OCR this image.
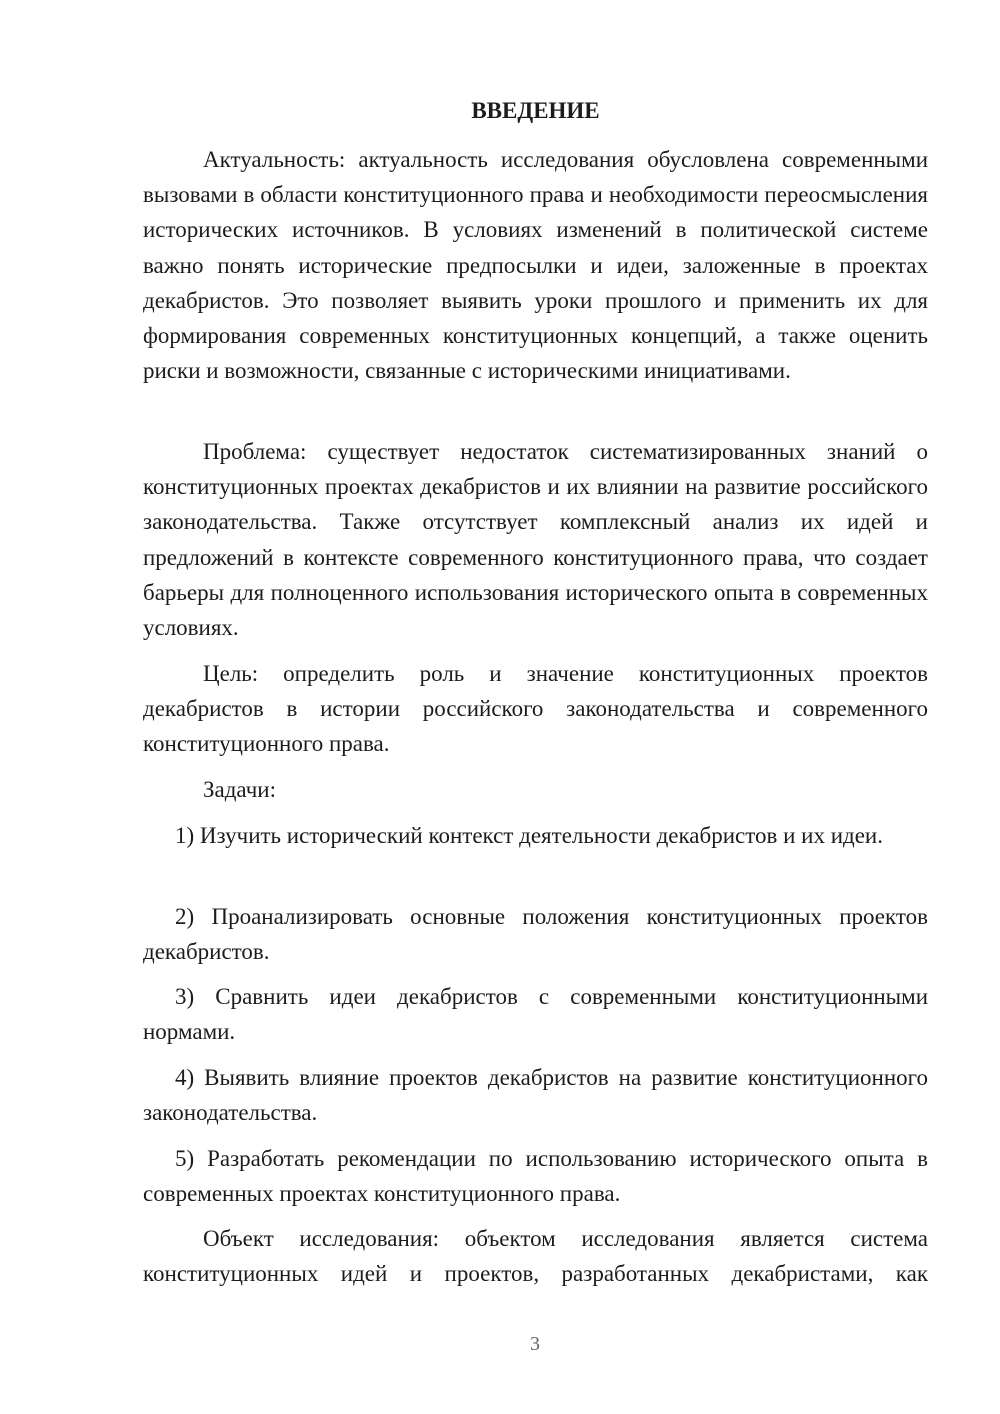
ВВЕДЕНИЕ

Актуальность: актуальность исследования обусловлена современными вызовами в области конституционного права и необходимости переосмысления исторических источников. В условиях изменений в политической системе важно понять исторические предпосылки и идеи, заложенные в проектах декабристов. Это позволяет выявить уроки прошлого и применить их для формирования современных конституционных концепций, а также оценить риски и возможности, связанные с историческими инициативами.

Проблема: существует недостаток систематизированных знаний о конституционных проектах декабристов и их влиянии на развитие российского законодательства. Также отсутствует комплексный анализ их идей и предложений в контексте современного конституционного права, что создает барьеры для полноценного использования исторического опыта в современных условиях.

Цель: определить роль и значение конституционных проектов декабристов в истории российского законодательства и современного конституционного права.

Задачи:

1) Изучить исторический контекст деятельности декабристов и их идеи.

2) Проанализировать основные положения конституционных проектов декабристов.

3) Сравнить идеи декабристов с современными конституционными нормами.

4) Выявить влияние проектов декабристов на развитие конституционного законодательства.

5) Разработать рекомендации по использованию исторического опыта в современных проектах конституционного права.

Объект исследования: объектом исследования является система конституционных идей и проектов, разработанных декабристами, как

3
